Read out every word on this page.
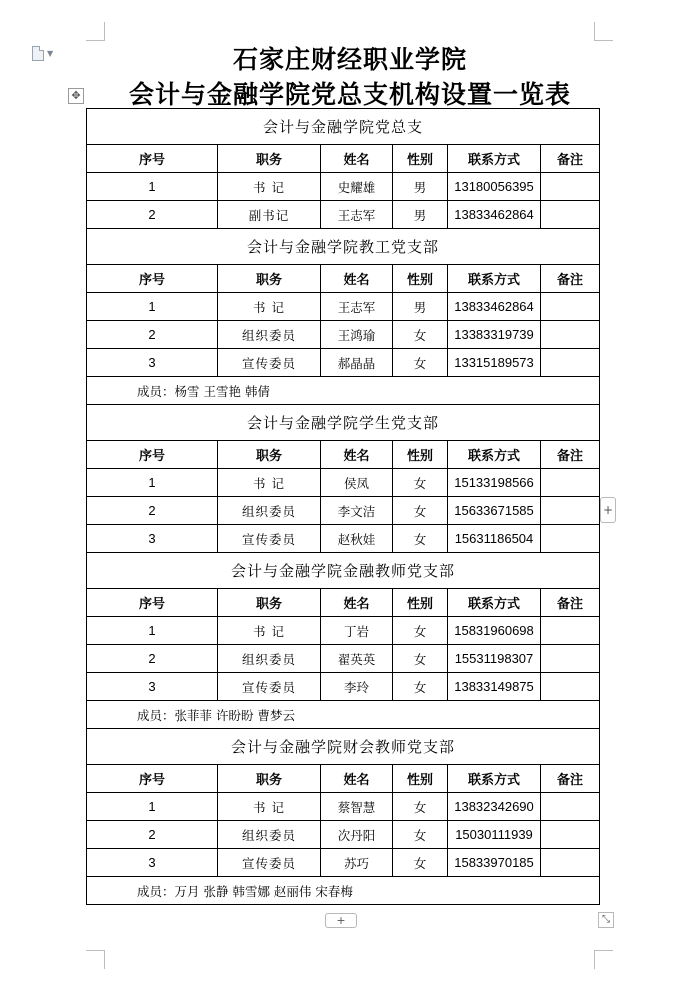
▼	石家庄财经职业学院
会计与金融学院党总支机构设置一览表
✥
会计与金融学院党总支					
序号	职务	姓名	性别	联系方式	备注
1	书 记	史耀雄	男	13180056395	
2	副书记	王志军	男	13833462864	
会计与金融学院教工党支部					
序号	职务	姓名	性别	联系方式	备注
1	书 记	王志军	男	13833462864	
2	组织委员	王鸿瑜	女	13383319739	
3	宣传委员	郝晶晶	女	13315189573	
成员：杨雪 王雪艳 韩倩					
会计与金融学院学生党支部					
序号	职务	姓名	性别	联系方式	备注
1	书 记	侯凤	女	15133198566	
2	组织委员	李文洁	女	15633671585	
3	宣传委员	赵秋娃	女	15631186504	
会计与金融学院金融教师党支部					
序号	职务	姓名	性别	联系方式	备注
1	书 记	丁岩	女	15831960698	
2	组织委员	翟英英	女	15531198307	
3	宣传委员	李玲	女	13833149875	
成员：张菲菲 许盼盼 曹梦云					
会计与金融学院财会教师党支部					
序号	职务	姓名	性别	联系方式	备注
1	书 记	蔡智慧	女	13832342690	
2	组织委员	次丹阳	女	15030111939	
3	宣传委员	苏巧	女	15833970185	
成员：万月 张静 韩雪娜 赵丽伟 宋春梅					
+
+	⤡
